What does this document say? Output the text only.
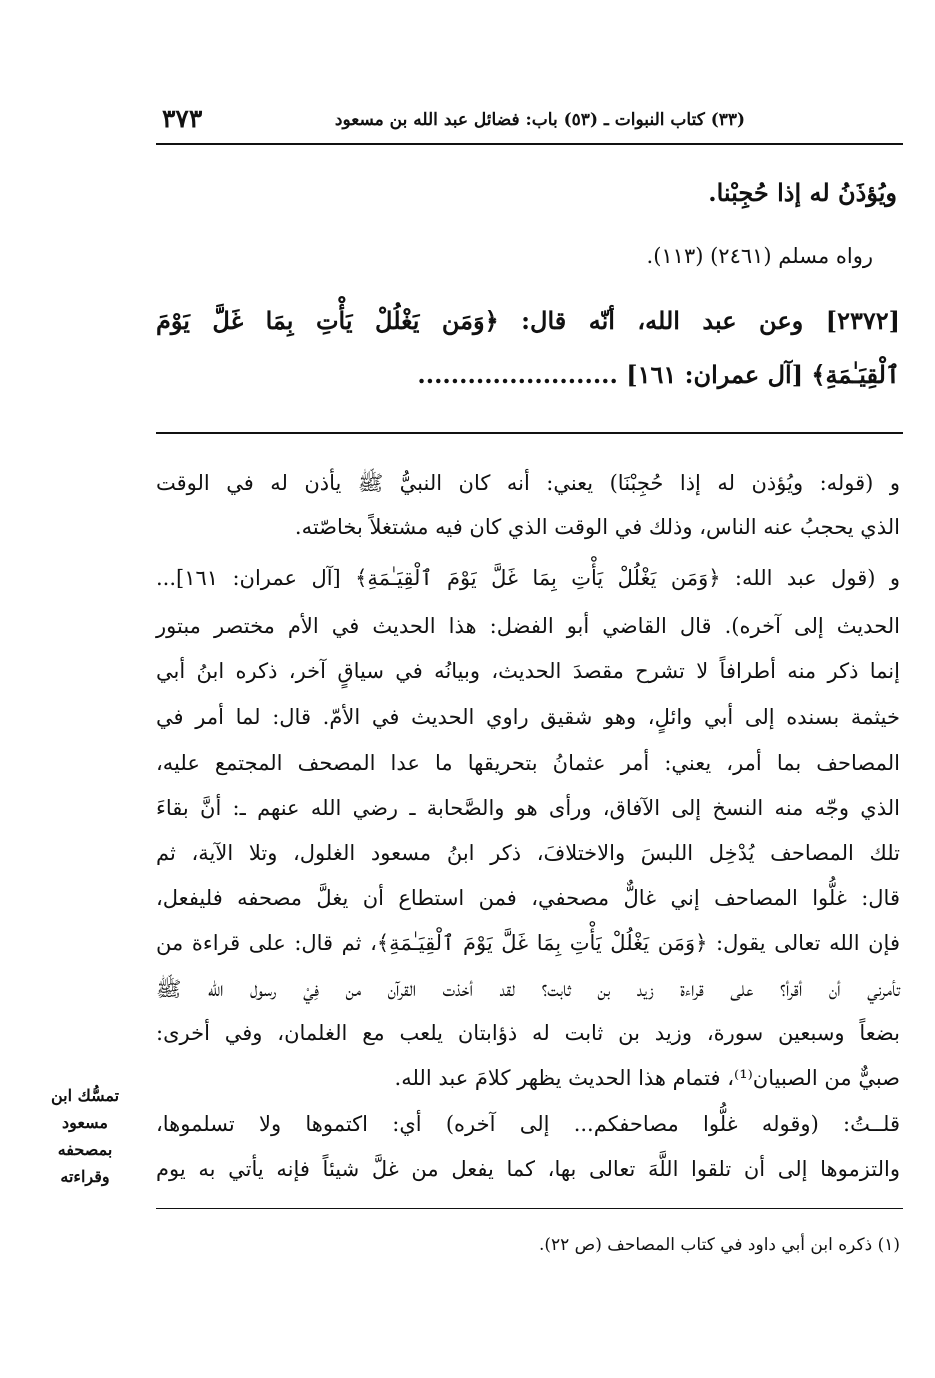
٣٧٣	(٣٣) كتاب النبوات ـ (٥٣) باب: فضائل عبد الله بن مسعود
ويُؤذَنُ له إذا حُجِبْنا.
رواه مسلم (٢٤٦١) (١١٣).
[٢٣٧٢] وعن عبد الله، أنّه قال: ﴿وَمَن يَغْلُلْ يَأْتِ بِمَا غَلَّ يَوْمَ
ٱلْقِيَـٰمَةِ﴾ [آل عمران: ١٦١] ........................
و (قوله: ويُؤذن له إذا حُجِبْنَا) يعني: أنه كان النبيُّ ﷺ يأذن له في الوقت
الذي يحجبُ عنه الناس، وذلك في الوقت الذي كان فيه مشتغلاً بخاصّته.
و (قول عبد الله: ﴿وَمَن يَغْلُلْ يَأْتِ بِمَا غَلَّ يَوْمَ ٱلْقِيَـٰمَةِ﴾ [آل عمران: ١٦١]...
الحديث إلى آخره). قال القاضي أبو الفضل: هذا الحديث في الأم مختصر مبتور
إنما ذكر منه أطرافاً لا تشرح مقصدَ الحديث، وبيانُه في سياقٍ آخر، ذكره ابنُ أبي
خيثمة بسنده إلى أبي وائلٍ، وهو شقيق راوي الحديث في الأمّ. قال: لما أمر في
المصاحف بما أمر، يعني: أمر عثمانُ بتحريقها ما عدا المصحف المجتمع عليه،
الذي وجّه منه النسخ إلى الآفاق، ورأى هو والصَّحابة ـ رضي الله عنهم ـ: أنَّ بقاءَ
تلك المصاحف يُدْخِل اللبسَ والاختلافَ، ذكر ابنُ مسعود الغلول، وتلا الآية، ثم
قال: غلُّوا المصاحف إني غالٌّ مصحفي، فمن استطاع أن يغلَّ مصحفه فليفعل،
فإن الله تعالى يقول: ﴿وَمَن يَغْلُلْ يَأْتِ بِمَا غَلَّ يَوْمَ ٱلْقِيَـٰمَةِ﴾، ثم قال: على قراءة من
تأمرني أن أقرأ؟ على قراءة زيد بن ثابت؟ لقد أخذت القرآن من فِيْ رسول الله ﷺ
بضعاً وسبعين سورة، وزيد بن ثابت له ذؤابتان يلعب مع الغلمان، وفي أخرى:
صبيٌّ من الصبيان⁽¹⁾، فتمام هذا الحديث يظهر كلامَ عبد الله.
قلــتُ: (وقوله غلُّوا مصاحفكم... إلى آخره) أي: اكتموها ولا تسلموها،
والتزموها إلى أن تلقوا اللَّهَ تعالى بها، كما يفعل من غلَّ شيئاً فإنه يأتي به يوم
تمسُّك ابن
مسعود
بمصحفه
وقراءته
(١) ذكره ابن أبي داود في كتاب المصاحف (ص ٢٢).
